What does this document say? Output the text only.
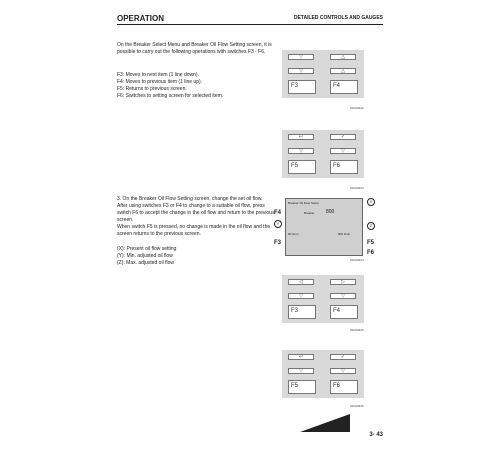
OPERATION	DETAILED CONTROLS AND GAUGES

On the Breaker Select Menu and Breaker Oil Flow Setting screen, it is possible to carry out the following operations with switches F3 - F6.

F3: Moves to next item (1 line down).

F4: Moves to previous item (1 line up).

F5: Returns to previous screen.

F6: Switches to setting screen for selected item.

▽	△
▽	△
F3	F4
9JH09322
↩	✓
▽	▽
F5	F6
9JH09323

3. On the Breaker Oil Flow Setting screen, change the set oil flow.

After using switches F3 or F4 to change to a suitable oil flow, press switch F6 to accept the change in the oil flow and return to the previous screen.

When switch F5 is pressed, no change is made in the oil flow and the screen returns to the previous screen.

(X): Present oil flow setting

(Y): Min. adjusted oil flow

(Z): Max. adjusted oil flow

Breaker Oil Flow Setup
Breaker 800
60 l/min	800 l/min
F4
F3	F5
F6
X
Z
Y
9JH09324
◁	▷
▽	▽
F3	F4
9JH09325
↩	✓
▽	▽
F5	F6
9JH09326
3- 43
